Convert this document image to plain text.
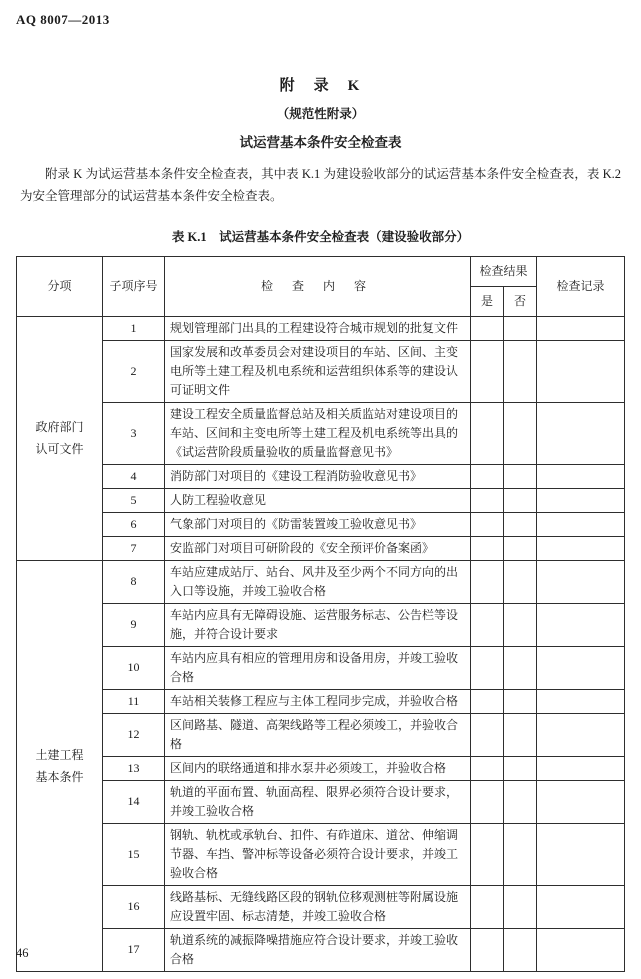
AQ 8007—2013
附　录　K
（规范性附录）
试运营基本条件安全检查表

附录 K 为试运营基本条件安全检查表，其中表 K.1 为建设验收部分的试运营基本条件安全检查表，表 K.2 为安全管理部分的试运营基本条件安全检查表。

表 K.1　试运营基本条件安全检查表（建设验收部分）
分项	子项序号	检 查 内 容	检查结果		检查记录
			是	否	
政府部门认可文件	1	规划管理部门出具的工程建设符合城市规划的批复文件			
	2	国家发展和改革委员会对建设项目的车站、区间、主变电所等土建工程及机电系统和运营组织体系等的建设认可证明文件			
	3	建设工程安全质量监督总站及相关质监站对建设项目的车站、区间和主变电所等土建工程及机电系统等出具的《试运营阶段质量验收的质量监督意见书》			
	4	消防部门对项目的《建设工程消防验收意见书》			
	5	人防工程验收意见			
	6	气象部门对项目的《防雷装置竣工验收意见书》			
	7	安监部门对项目可研阶段的《安全预评价备案函》			
土建工程基本条件	8	车站应建成站厅、站台、风井及至少两个不同方向的出入口等设施，并竣工验收合格			
	9	车站内应具有无障碍设施、运营服务标志、公告栏等设施，并符合设计要求			
	10	车站内应具有相应的管理用房和设备用房，并竣工验收合格			
	11	车站相关装修工程应与主体工程同步完成，并验收合格			
	12	区间路基、隧道、高架线路等工程必须竣工，并验收合格			
	13	区间内的联络通道和排水泵井必须竣工，并验收合格			
	14	轨道的平面布置、轨面高程、限界必须符合设计要求，并竣工验收合格			
	15	钢轨、轨枕或承轨台、扣件、有砟道床、道岔、伸缩调节器、车挡、警冲标等设备必须符合设计要求，并竣工验收合格			
	16	线路基标、无缝线路区段的钢轨位移观测桩等附属设施应设置牢固、标志清楚，并竣工验收合格			
	17	轨道系统的减振降噪措施应符合设计要求，并竣工验收合格			
46
